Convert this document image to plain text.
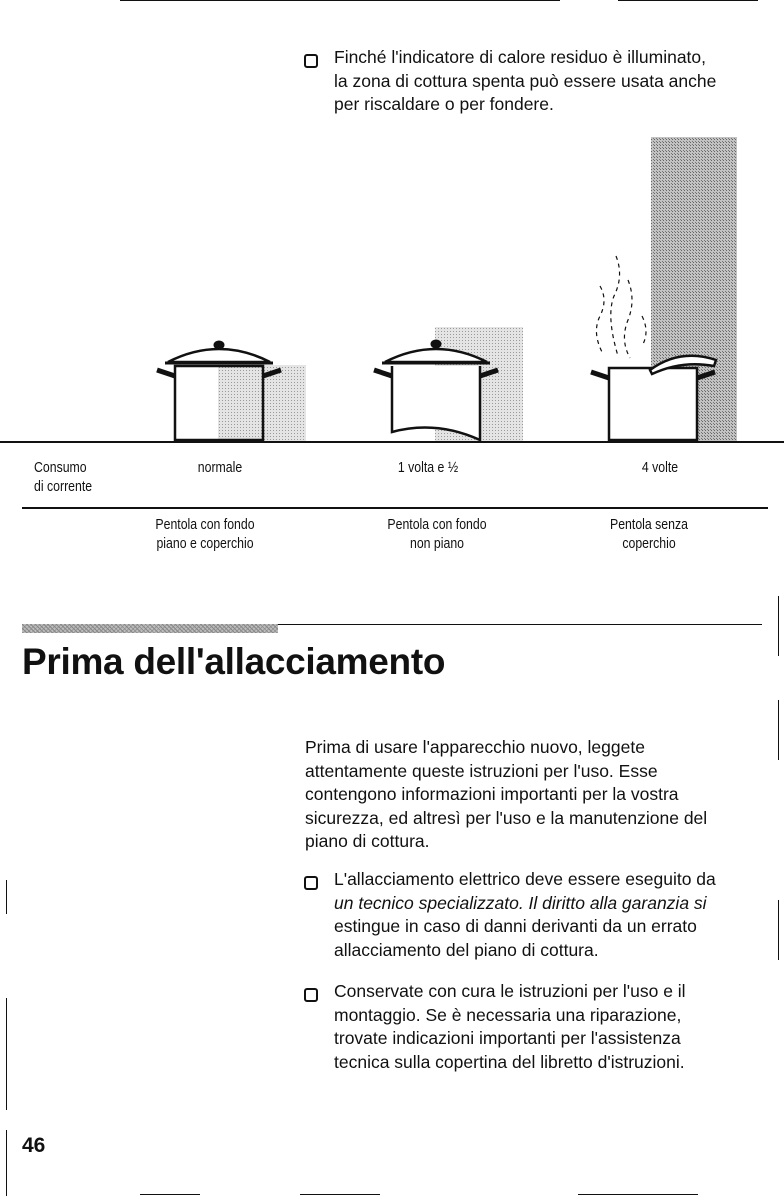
Finché l'indicatore di calore residuo è illuminato,
la zona di cottura spenta può essere usata anche
per riscaldare o per fondere.
Consumo
di corrente
normale	1 volta e ½	4 volte
Pentola con fondo
piano e coperchio
Pentola con fondo
non piano
Pentola senza
coperchio
Prima dell'allacciamento
Prima di usare l'apparecchio nuovo, leggete
attentamente queste istruzioni per l'uso. Esse
contengono informazioni importanti per la vostra
sicurezza, ed altresì per l'uso e la manutenzione del
piano di cottura.
L'allacciamento elettrico deve essere eseguito da
un tecnico specializzato. Il diritto alla garanzia si
estingue in caso di danni derivanti da un errato
allacciamento del piano di cottura.
Conservate con cura le istruzioni per l'uso e il
montaggio. Se è necessaria una riparazione,
trovate indicazioni importanti per l'assistenza
tecnica sulla copertina del libretto d'istruzioni.
46
